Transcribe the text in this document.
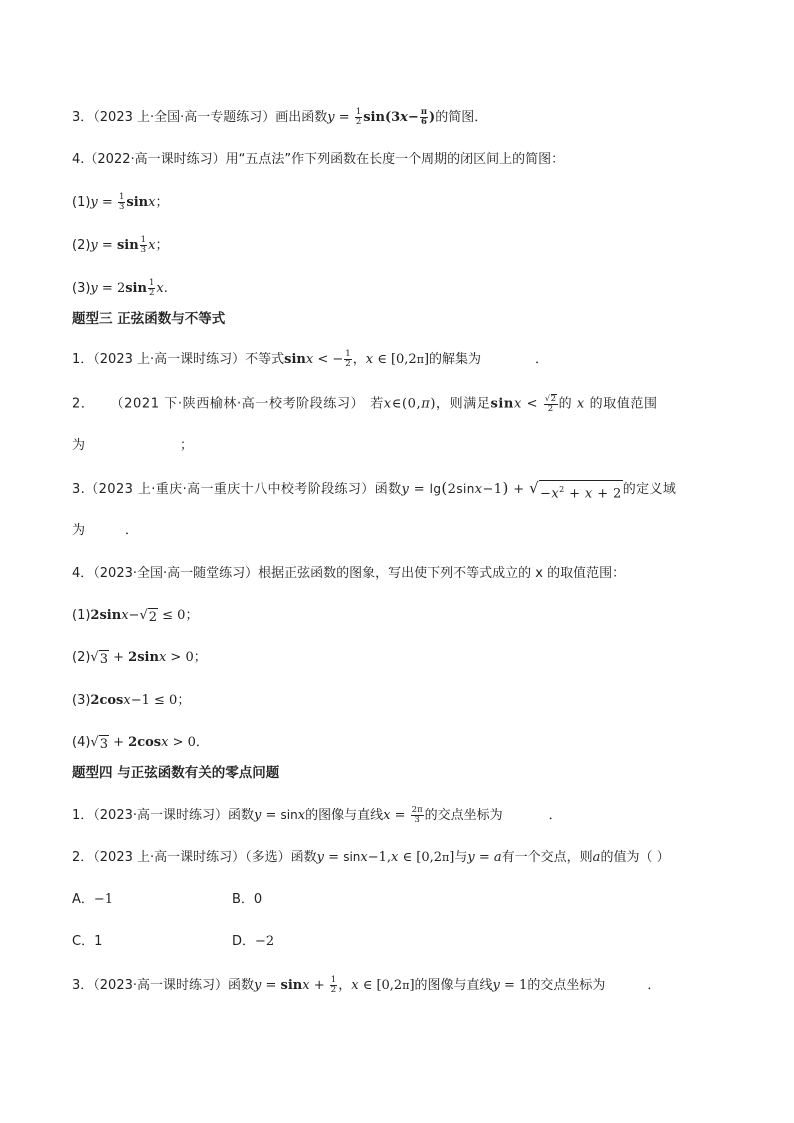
3．（2023 上·全国·高一专题练习）画出函数$y = \frac{1}{2} \sin(3x- \frac{\pi}{6}$ )的简图．
4.（2022·高一课时练习）用“五点法”作下列函数在长度一个周期的闭区间上的简图：
$(1)y = \frac{1}{3}$ sinx；
$(2)y = \sin \frac{1}{3}$ x；
$(3)y = 2\sin \frac{1}{2} x$.
题型三 正弦函数与不等式
1．（2023 上·高一课时练习）不等式sinx < − $\frac{1}{2}$ ，x ∈ [0,2π]的解集为	．
2． （2021 下·陕西榆林·高一校考阶段练习） 若x∈(0,π)，则满足$\sin x < \frac{√ 2}{2}$ 的 x 的取值范围
为	；
3.（2023 上·重庆·高一重庆十八中校考阶段练习）函数y = lg(2sinx−1) + √ $-x^2 + x + 2$ 的定义域
为	．
4．（2023·全国·高一随堂练习）根据正弦函数的图象，写出使下列不等式成立的 x 的取值范围：
(1)2sinx− √ 2 ≤ 0；
(2) √ 3 + 2sinx > 0；
(3)2cosx−1 ≤ 0；
(4) √ 3 + 2cosx > 0．
题型四 与正弦函数有关的零点问题
1．（2023·高一课时练习）函数y = sinx的图像与直线$x = \frac{2\pi}{3}$ 的交点坐标为	．
2．（2023 上·高一课时练习）（多选）函数y = sinx−1,x ∈ [0,2π]与y = a有一个交点，则a的值为（ ）
A．−1	B．0
C．1	D．−2
3．（2023·高一课时练习）函数$y = \sin x + \frac{1}{2}$ ，x ∈ [0,2π]的图像与直线y = 1的交点坐标为	．
